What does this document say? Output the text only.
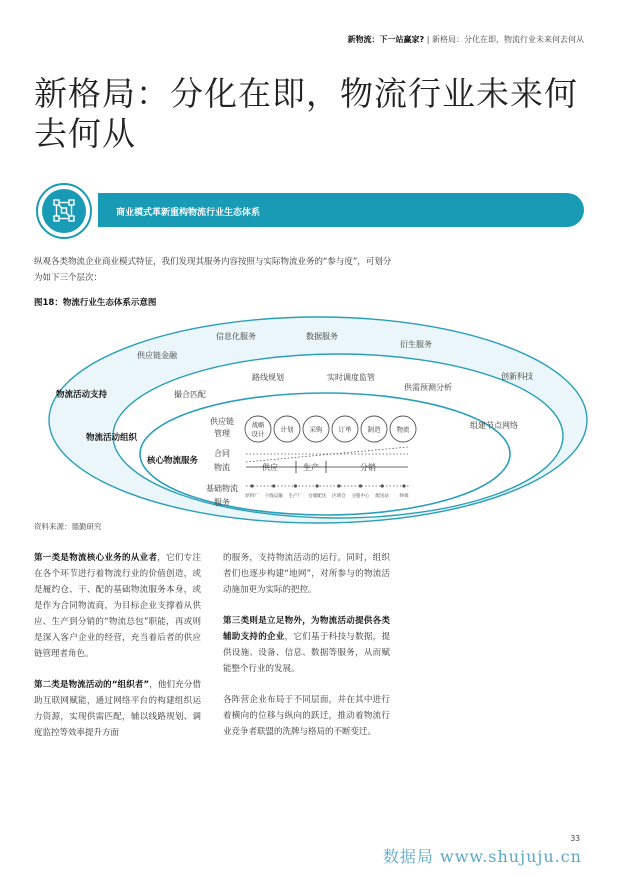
新物流：下一站赢家? | 新格局：分化在即，物流行业未来何去何从
新格局：分化在即，物流行业未来何去何从
商业模式革新重构物流行业生态体系
纵观各类物流企业商业模式特征，我们发现其服务内容按照与实际物流业务的“参与度”，可划分为如下三个层次：
图18：物流行业生态体系示意图
物流活动支持
物流活动组织
核心物流服务
信息化服务	数据服务
供应链金融
衍生服务
创新科技
组建节点网络
撮合匹配
路线规划	实时调度监管
供需预测分析
供应链
管理
合同
物流
基础物流
服务
战略
设计
计划 采购 订单 制造 物流
供应	生产	分销
原料厂 干线运输 生产厂 仓储配送 区域仓 分拨中心 配送站 终端
资料来源：德勤研究

第一类是物流核心业务的从业者，它们专注在各个环节进行着物流行业的价值创造，或是履约仓、干、配的基础物流服务本身，或是作为合同物流商，为目标企业支撑着从供应、生产到分销的“物流总包”职能，再或则是深入客户企业的经营，充当着后者的供应链管理者角色。

第二类是物流活动的“组织者”，他们充分借助互联网赋能，通过网络平台的构建组织运力资源，实现供需匹配，辅以线路规划、调度监控等效率提升方面

的服务，支持物流活动的运行。同时，组织者们也逐步构建“地网”，对所参与的物流活动施加更为实际的把控。

第三类则是立足物外，为物流活动提供各类辅助支持的企业，它们基于科技与数据，提供设施、设备、信息、数据等服务，从而赋能整个行业的发展。

各阵营企业布局于不同层面，并在其中进行着横向的位移与纵向的跃迁，推动着物流行业竞争者联盟的洗牌与格局的不断变迁。

33
数据局 www.shujuju.cn
